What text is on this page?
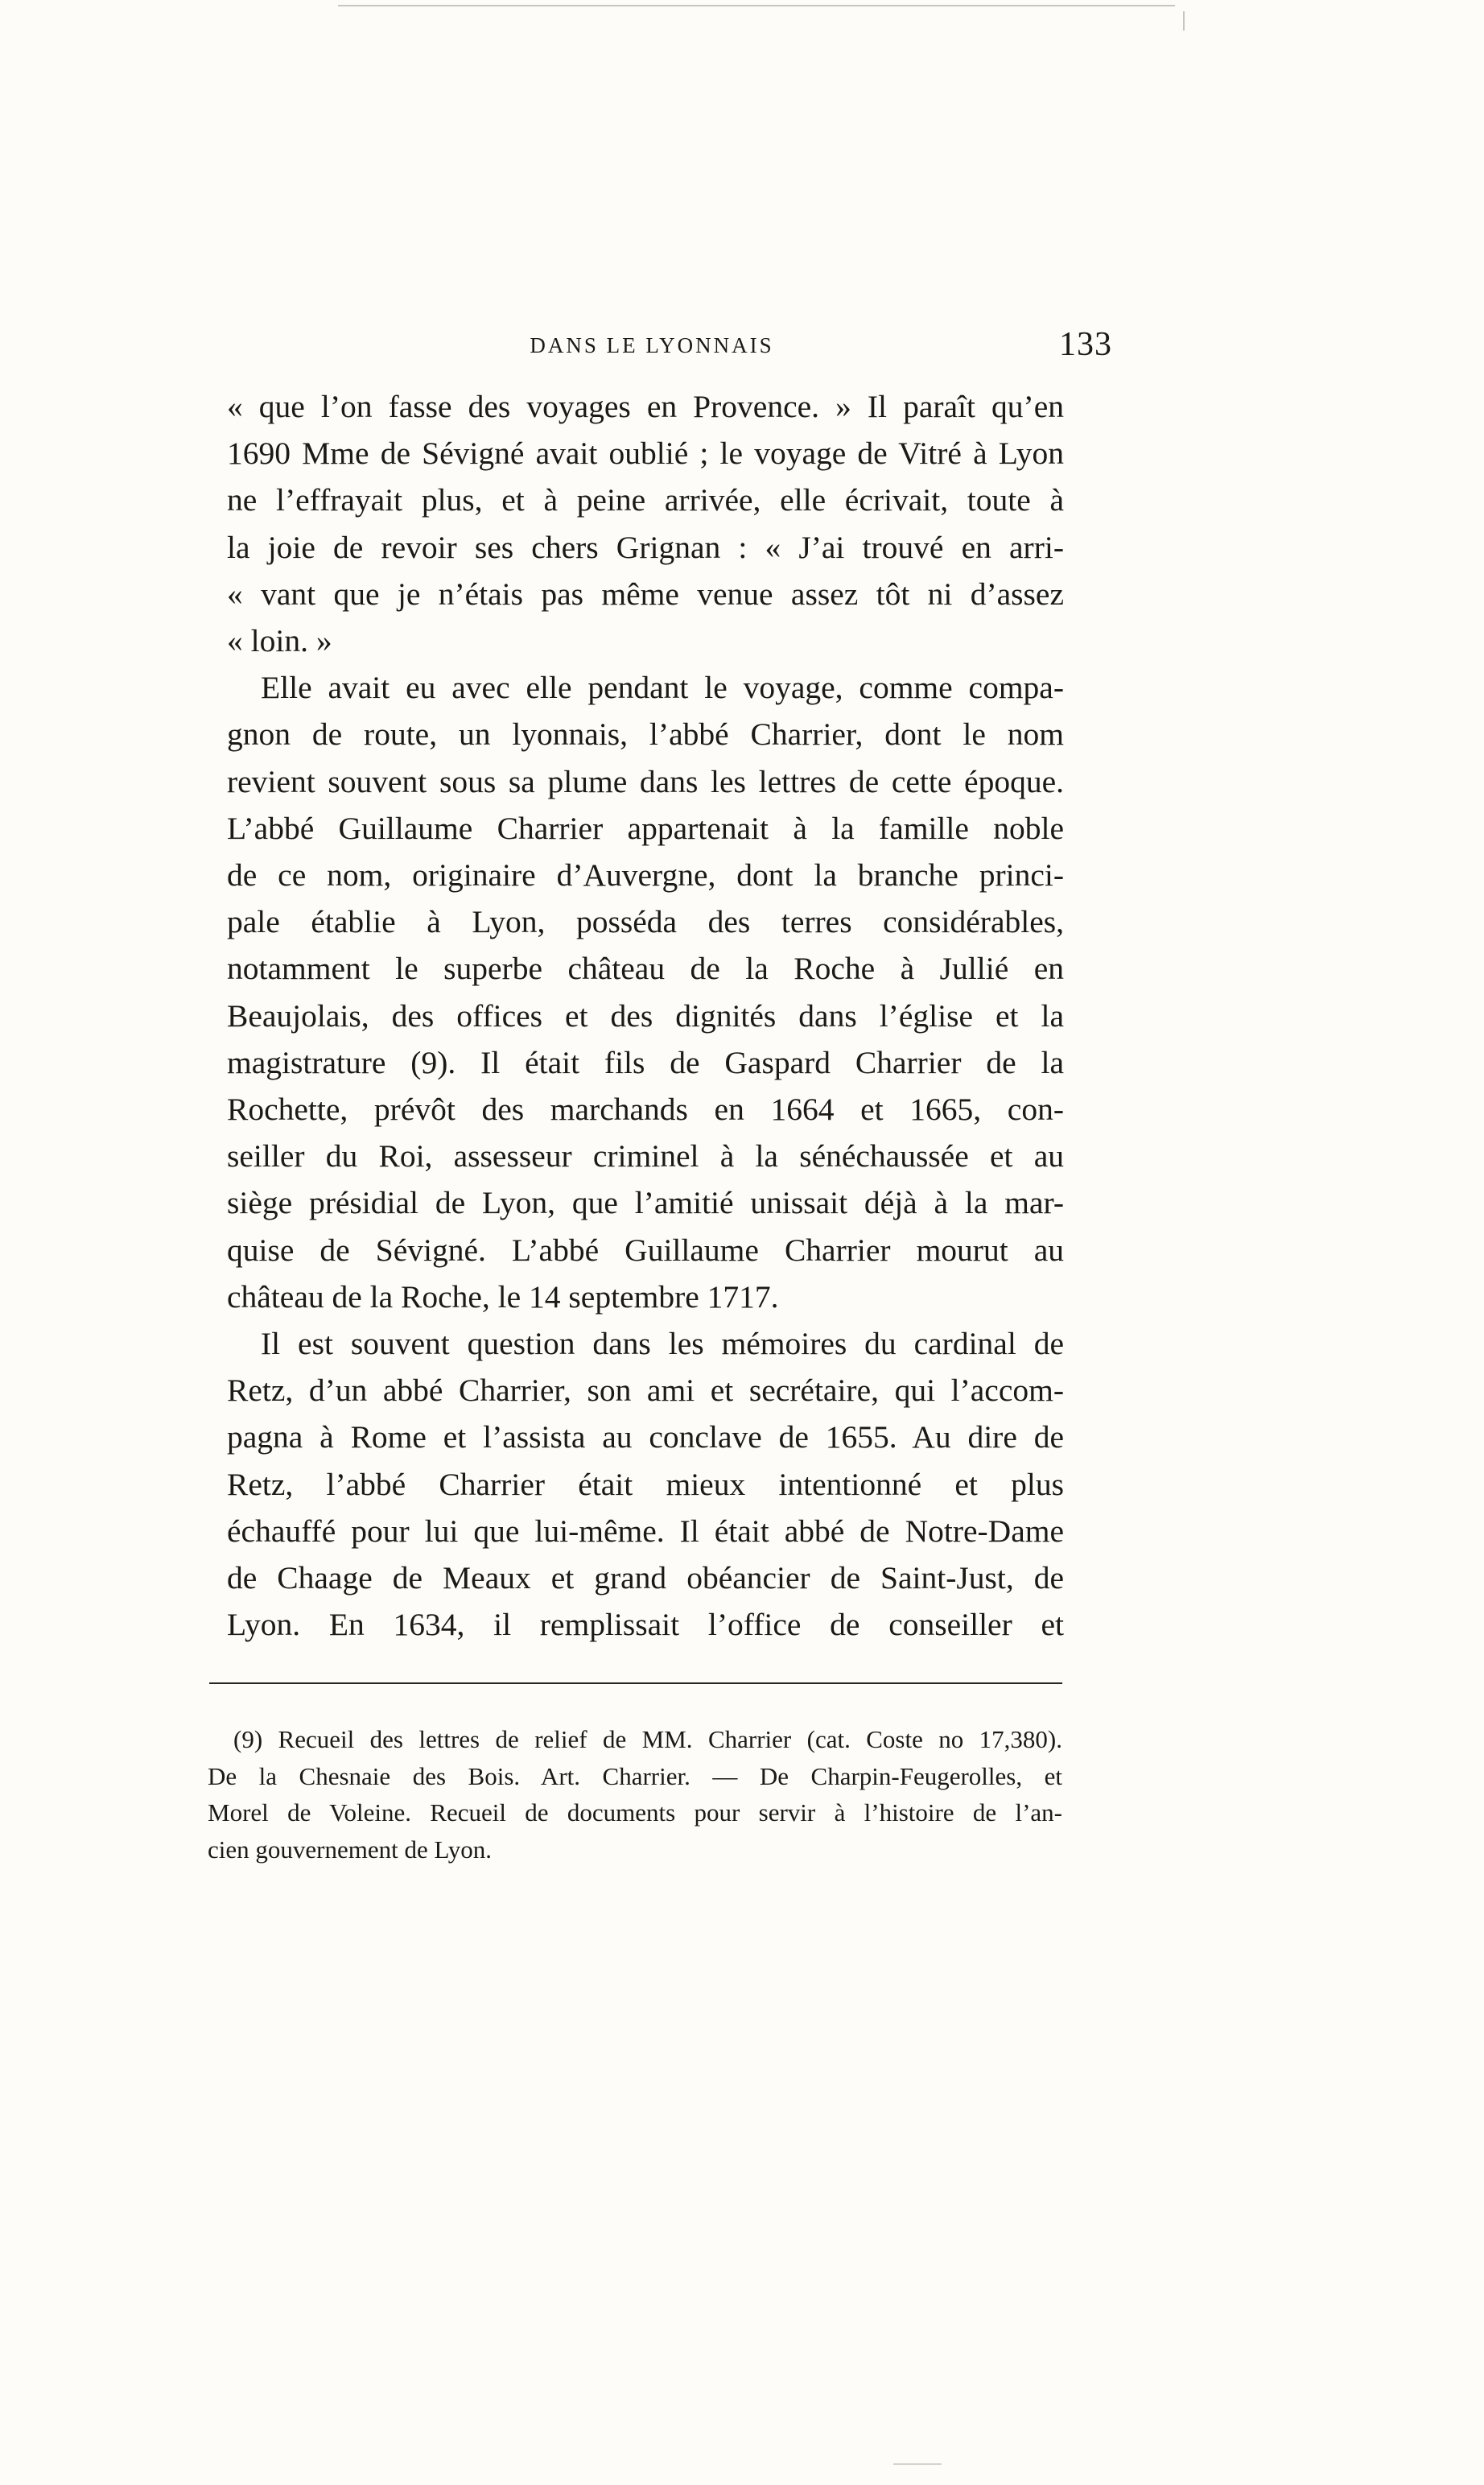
DANS LE LYONNAIS	133
« que l’on fasse des voyages en Provence. » Il paraît qu’en
1690 Mme de Sévigné avait oublié ; le voyage de Vitré à Lyon
ne l’effrayait plus, et à peine arrivée, elle écrivait, toute à
la joie de revoir ses chers Grignan : « J’ai trouvé en arri-
« vant que je n’étais pas même venue assez tôt ni d’assez
« loin. »
Elle avait eu avec elle pendant le voyage, comme compa-
gnon de route, un lyonnais, l’abbé Charrier, dont le nom
revient souvent sous sa plume dans les lettres de cette époque.
L’abbé Guillaume Charrier appartenait à la famille noble
de ce nom, originaire d’Auvergne, dont la branche princi-
pale établie à Lyon, posséda des terres considérables,
notamment le superbe château de la Roche à Jullié en
Beaujolais, des offices et des dignités dans l’église et la
magistrature (9). Il était fils de Gaspard Charrier de la
Rochette, prévôt des marchands en 1664 et 1665, con-
seiller du Roi, assesseur criminel à la sénéchaussée et au
siège présidial de Lyon, que l’amitié unissait déjà à la mar-
quise de Sévigné. L’abbé Guillaume Charrier mourut au
château de la Roche, le 14 septembre 1717.
Il est souvent question dans les mémoires du cardinal de
Retz, d’un abbé Charrier, son ami et secrétaire, qui l’accom-
pagna à Rome et l’assista au conclave de 1655. Au dire de
Retz, l’abbé Charrier était mieux intentionné et plus
échauffé pour lui que lui-même. Il était abbé de Notre-Dame
de Chaage de Meaux et grand obéancier de Saint-Just, de
Lyon. En 1634, il remplissait l’office de conseiller et
(9) Recueil des lettres de relief de MM. Charrier (cat. Coste no 17,380).
De la Chesnaie des Bois. Art. Charrier. — De Charpin-Feugerolles, et
Morel de Voleine. Recueil de documents pour servir à l’histoire de l’an-
cien gouvernement de Lyon.
